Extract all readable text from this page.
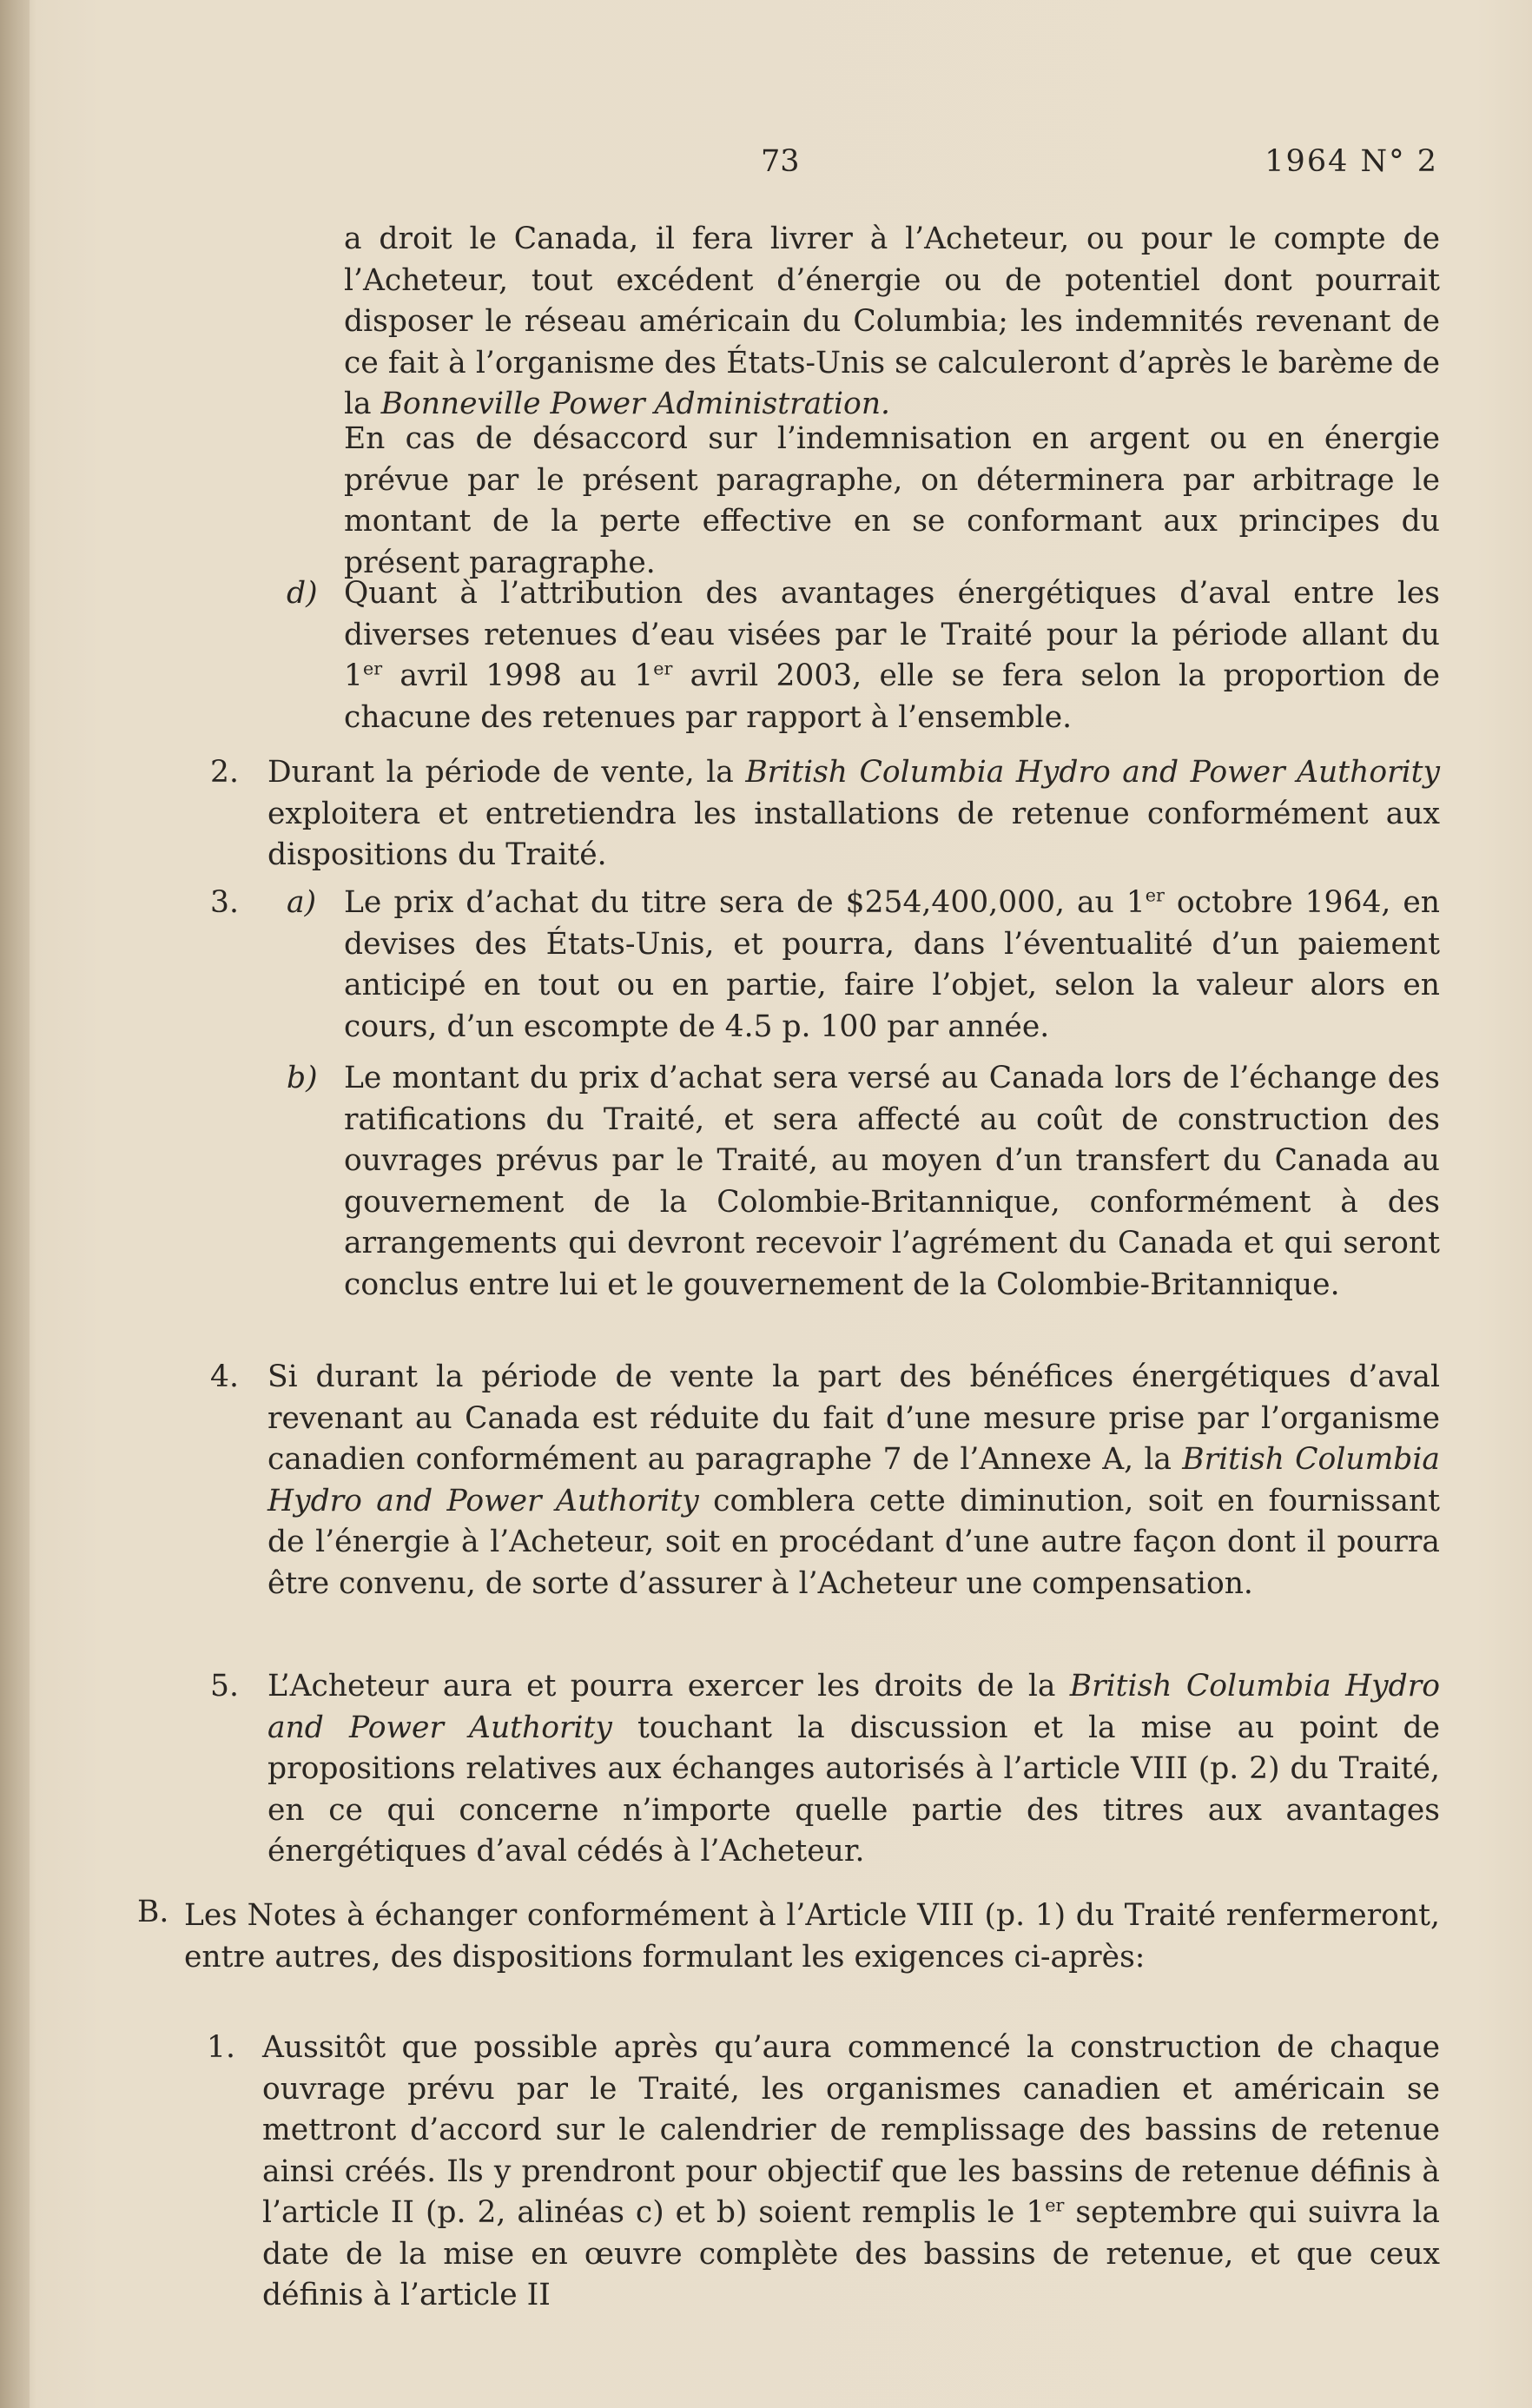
73	1964 N° 2
a droit le Canada, il fera livrer à l’Acheteur, ou pour le compte de l’Acheteur, tout excédent d’énergie ou de potentiel dont pourrait disposer le réseau américain du Columbia; les indemnités revenant de ce fait à l’organisme des États-Unis se calculeront d’après le barème de la Bonneville Power Administration.
En cas de désaccord sur l’indemnisation en argent ou en énergie prévue par le présent paragraphe, on déterminera par arbitrage le montant de la perte effective en se conformant aux principes du présent paragraphe.
d) Quant à l’attribution des avantages énergétiques d’aval entre les diverses retenues d’eau visées par le Traité pour la période allant du 1er avril 1998 au 1er avril 2003, elle se fera selon la proportion de chacune des retenues par rapport à l’ensemble.
2. Durant la période de vente, la British Columbia Hydro and Power Authority exploitera et entretiendra les installations de retenue conformément aux dispositions du Traité.
3. a) Le prix d’achat du titre sera de $254,400,000, au 1er octobre 1964, en devises des États-Unis, et pourra, dans l’éventualité d’un paiement anticipé en tout ou en partie, faire l’objet, selon la valeur alors en cours, d’un escompte de 4.5 p. 100 par année.
b) Le montant du prix d’achat sera versé au Canada lors de l’échange des ratifications du Traité, et sera affecté au coût de construction des ouvrages prévus par le Traité, au moyen d’un transfert du Canada au gouvernement de la Colombie-Britannique, conformément à des arrangements qui devront recevoir l’agrément du Canada et qui seront conclus entre lui et le gouvernement de la Colombie-Britannique.
4. Si durant la période de vente la part des bénéfices énergétiques d’aval revenant au Canada est réduite du fait d’une mesure prise par l’organisme canadien conformément au paragraphe 7 de l’Annexe A, la British Columbia Hydro and Power Authority comblera cette diminution, soit en fournissant de l’énergie à l’Acheteur, soit en procédant d’une autre façon dont il pourra être convenu, de sorte d’assurer à l’Acheteur une compensation.
5. L’Acheteur aura et pourra exercer les droits de la British Columbia Hydro and Power Authority touchant la discussion et la mise au point de propositions relatives aux échanges autorisés à l’article VIII (p. 2) du Traité, en ce qui concerne n’importe quelle partie des titres aux avantages énergétiques d’aval cédés à l’Acheteur.
B. Les Notes à échanger conformément à l’Article VIII (p. 1) du Traité renfermeront, entre autres, des dispositions formulant les exigences ci-après:
1. Aussitôt que possible après qu’aura commencé la construction de chaque ouvrage prévu par le Traité, les organismes canadien et américain se mettront d’accord sur le calendrier de remplissage des bassins de retenue ainsi créés. Ils y prendront pour objectif que les bassins de retenue définis à l’article II (p. 2, alinéas c) et b) soient remplis le 1er septembre qui suivra la date de la mise en œuvre complète des bassins de retenue, et que ceux définis à l’article II
